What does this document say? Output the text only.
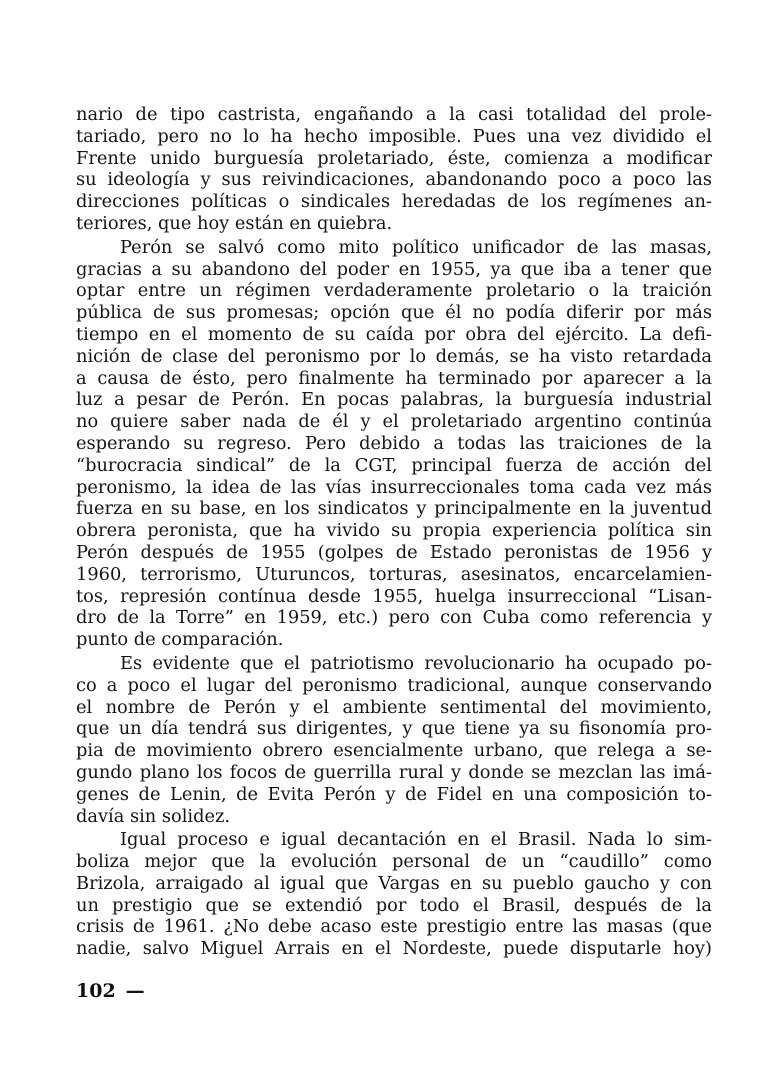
nario de tipo castrista, engañando a la casi totalidad del prole-
tariado, pero no lo ha hecho imposible. Pues una vez dividido el
Frente unido burguesía proletariado, éste, comienza a modificar
su ideología y sus reivindicaciones, abandonando poco a poco las
direcciones políticas o sindicales heredadas de los regímenes an-
teriores, que hoy están en quiebra.

Perón se salvó como mito político unificador de las masas,
gracias a su abandono del poder en 1955, ya que iba a tener que
optar entre un régimen verdaderamente proletario o la traición
pública de sus promesas; opción que él no podía diferir por más
tiempo en el momento de su caída por obra del ejército. La defi-
nición de clase del peronismo por lo demás, se ha visto retardada
a causa de ésto, pero finalmente ha terminado por aparecer a la
luz a pesar de Perón. En pocas palabras, la burguesía industrial
no quiere saber nada de él y el proletariado argentino continúa
esperando su regreso. Pero debido a todas las traiciones de la
“burocracia sindical” de la CGT, principal fuerza de acción del
peronismo, la idea de las vías insurreccionales toma cada vez más
fuerza en su base, en los sindicatos y principalmente en la juventud
obrera peronista, que ha vivido su propia experiencia política sin
Perón después de 1955 (golpes de Estado peronistas de 1956 y
1960, terrorismo, Uturuncos, torturas, asesinatos, encarcelamien-
tos, represión contínua desde 1955, huelga insurreccional “Lisan-
dro de la Torre” en 1959, etc.) pero con Cuba como referencia y
punto de comparación.

Es evidente que el patriotismo revolucionario ha ocupado po-
co a poco el lugar del peronismo tradicional, aunque conservando
el nombre de Perón y el ambiente sentimental del movimiento,
que un día tendrá sus dirigentes, y que tiene ya su fisonomía pro-
pia de movimiento obrero esencialmente urbano, que relega a se-
gundo plano los focos de guerrilla rural y donde se mezclan las imá-
genes de Lenin, de Evita Perón y de Fidel en una composición to-
davía sin solidez.

Igual proceso e igual decantación en el Brasil. Nada lo sim-
boliza mejor que la evolución personal de un “caudillo” como
Brizola, arraigado al igual que Vargas en su pueblo gaucho y con
un prestigio que se extendió por todo el Brasil, después de la
crisis de 1961. ¿No debe acaso este prestigio entre las masas (que
nadie, salvo Miguel Arrais en el Nordeste, puede disputarle hoy)

102 —
